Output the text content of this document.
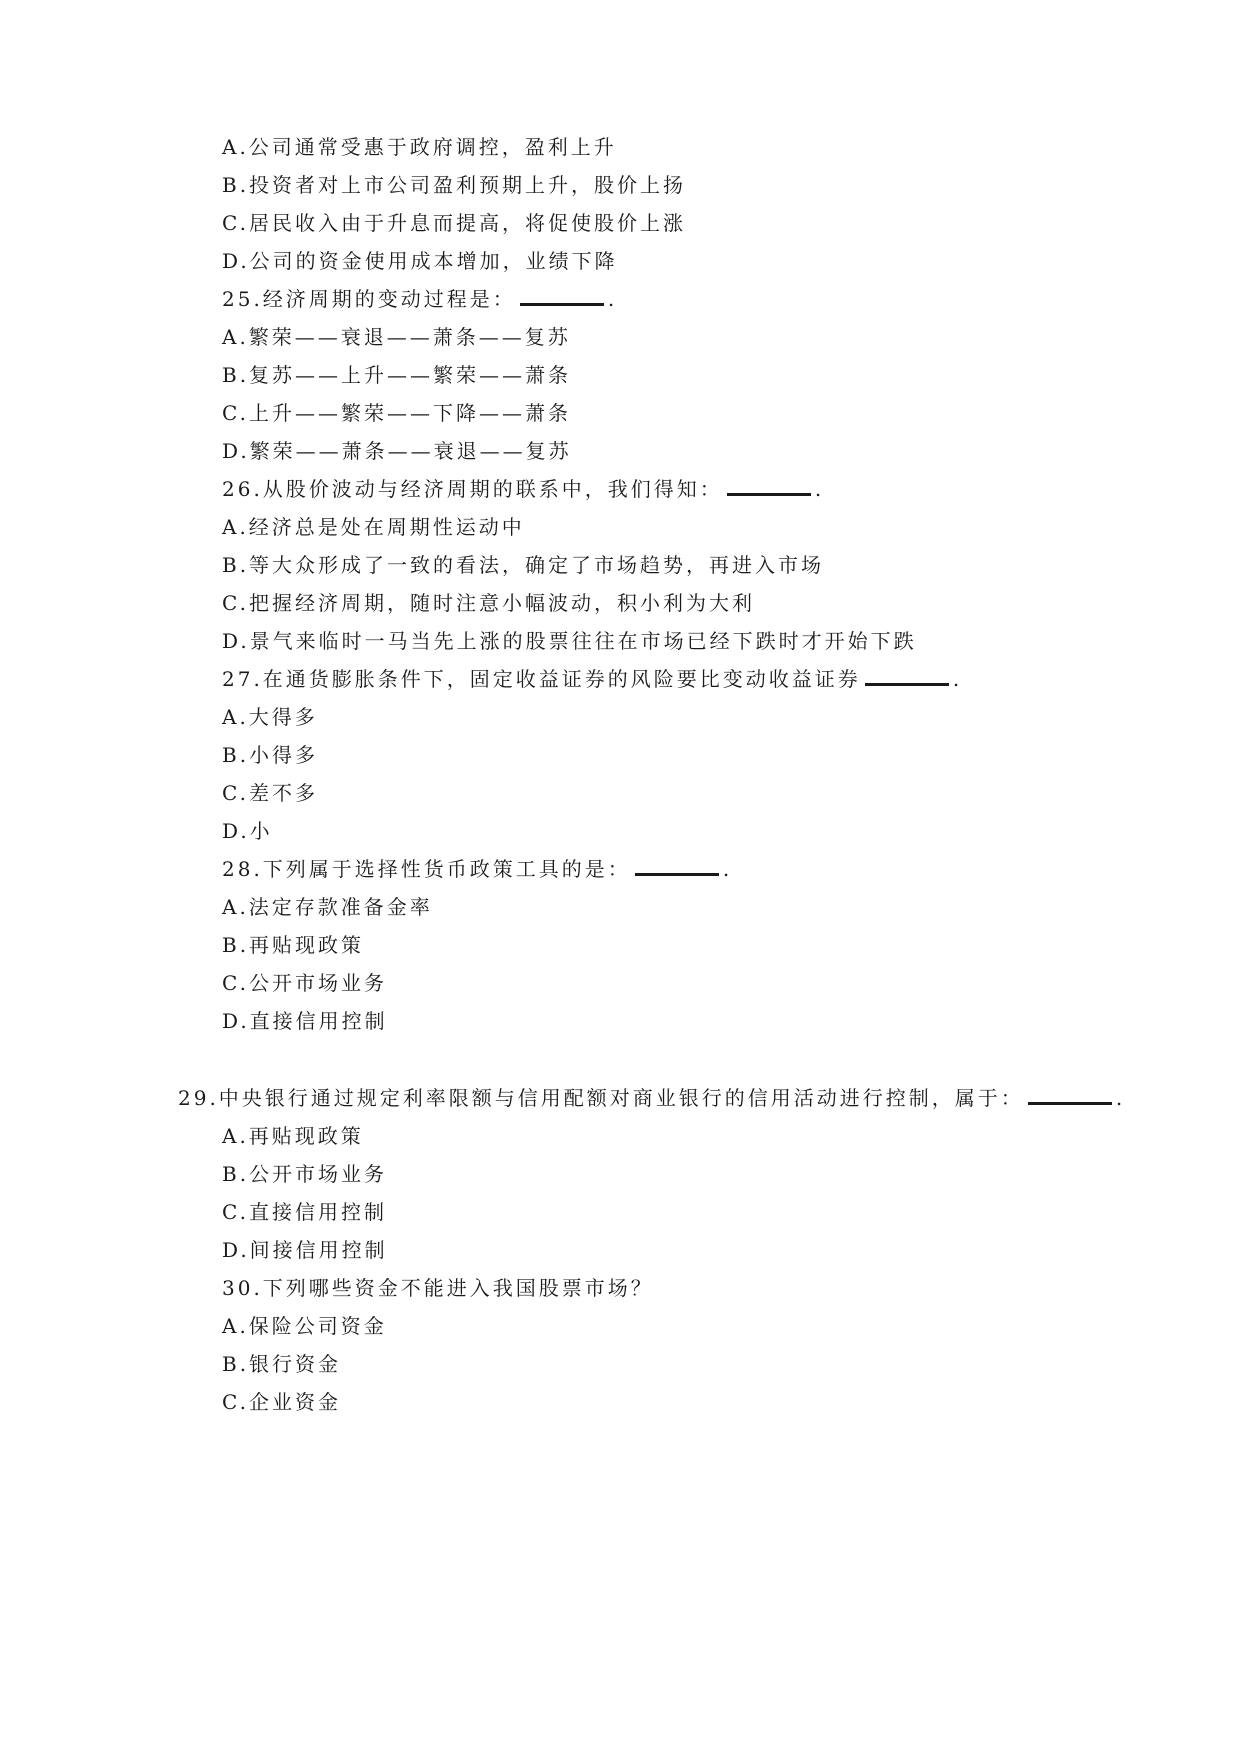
A.公司通常受惠于政府调控，盈利上升
B.投资者对上市公司盈利预期上升，股价上扬
C.居民收入由于升息而提高，将促使股价上涨
D.公司的资金使用成本增加，业绩下降
25.经济周期的变动过程是：	.
A.繁荣——衰退——萧条——复苏
B.复苏——上升——繁荣——萧条
C.上升——繁荣——下降——萧条
D.繁荣——萧条——衰退——复苏
26.从股价波动与经济周期的联系中，我们得知：	.
A.经济总是处在周期性运动中
B.等大众形成了一致的看法，确定了市场趋势，再进入市场
C.把握经济周期，随时注意小幅波动，积小利为大利
D.景气来临时一马当先上涨的股票往往在市场已经下跌时才开始下跌
27.在通货膨胀条件下，固定收益证券的风险要比变动收益证券	.
A.大得多
B.小得多
C.差不多
D.小
28.下列属于选择性货币政策工具的是：	.
A.法定存款准备金率
B.再贴现政策
C.公开市场业务
D.直接信用控制
29.中央银行通过规定利率限额与信用配额对商业银行的信用活动进行控制，属于：	.
A.再贴现政策
B.公开市场业务
C.直接信用控制
D.间接信用控制
30.下列哪些资金不能进入我国股票市场？
A.保险公司资金
B.银行资金
C.企业资金
